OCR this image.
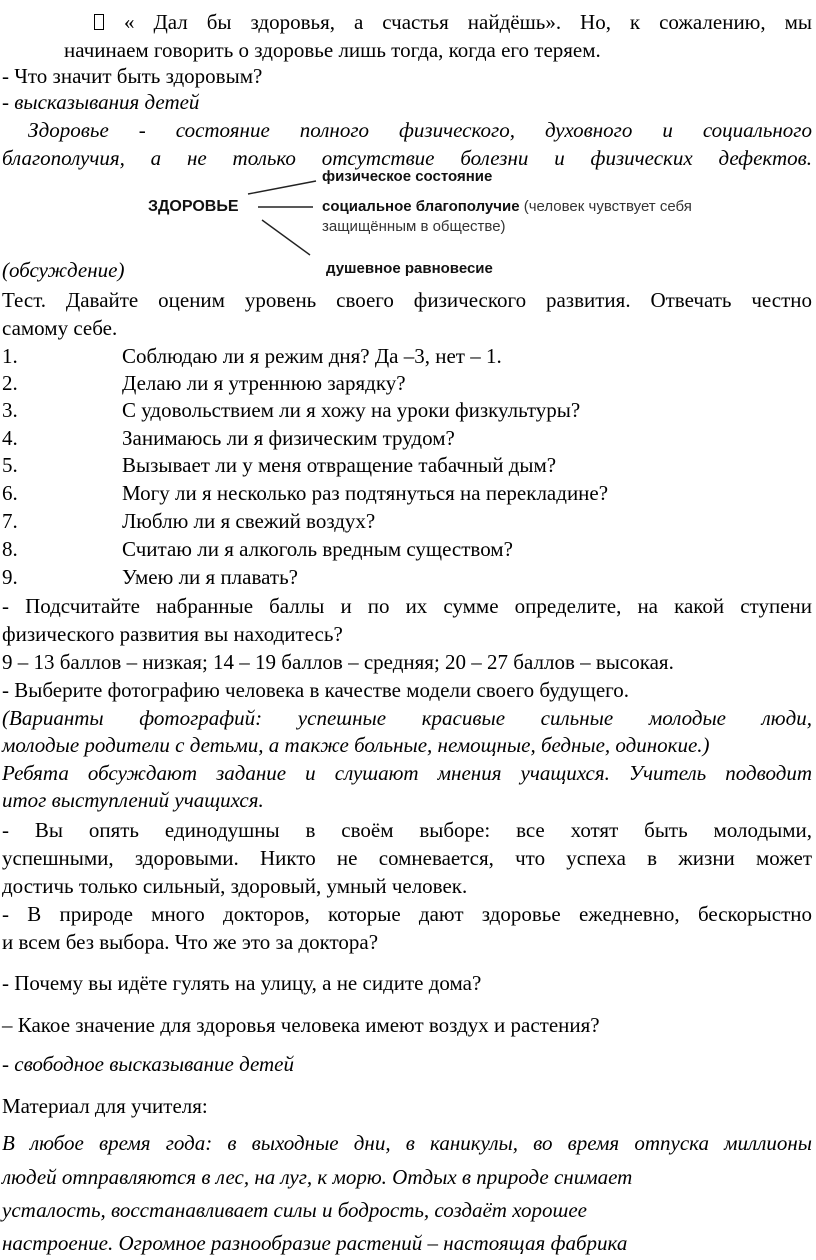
« Дал бы здоровья, а счастья найдёшь». Но, к сожалению, мы

начинаем говорить о здоровье лишь тогда, когда его теряем.

- Что значит быть здоровым?

- высказывания детей

Здоровье - состояние полного физического, духовного и социального

благополучия, а не только отсутствие болезни и физических дефектов.

ЗДОРОВЬЕ
физическое состояние
социальное благополучие (человек чувствует себя
защищённым в обществе)
душевное равновесие

(обсуждение)

Тест. Давайте оценим уровень своего физического развития. Отвечать честно

самому себе.

1.	Соблюдаю ли я режим дня? Да –3, нет – 1.
2.	Делаю ли я утреннюю зарядку?
3.	С удовольствием ли я хожу на уроки физкультуры?
4.	Занимаюсь ли я физическим трудом?
5.	Вызывает ли у меня отвращение табачный дым?
6.	Могу ли я несколько раз подтянуться на перекладине?
7.	Люблю ли я свежий воздух?
8.	Считаю ли я алкоголь вредным существом?
9.	Умею ли я плавать?

- Подсчитайте набранные баллы и по их сумме определите, на какой ступени

физического развития вы находитесь?

9 – 13 баллов – низкая; 14 – 19 баллов – средняя; 20 – 27 баллов – высокая.

- Выберите фотографию человека в качестве модели своего будущего.

(Варианты фотографий: успешные красивые сильные молодые люди,

молодые родители с детьми, а также больные, немощные, бедные, одинокие.)

Ребята обсуждают задание и слушают мнения учащихся. Учитель подводит

итог выступлений учащихся.

- Вы опять единодушны в своём выборе: все хотят быть молодыми,

успешными, здоровыми. Никто не сомневается, что успеха в жизни может

достичь только сильный, здоровый, умный человек.

- В природе много докторов, которые дают здоровье ежедневно, бескорыстно

и всем без выбора. Что же это за доктора?

- Почему вы идёте гулять на улицу, а не сидите дома?

– Какое значение для здоровья человека имеют воздух и растения?

- свободное высказывание детей

Материал для учителя:

В любое время года: в выходные дни, в каникулы, во время отпуска миллионы

людей отправляются в лес, на луг, к морю. Отдых в природе снимает

усталость, восстанавливает силы и бодрость, создаёт хорошее

настроение. Огромное разнообразие растений – настоящая фабрика
